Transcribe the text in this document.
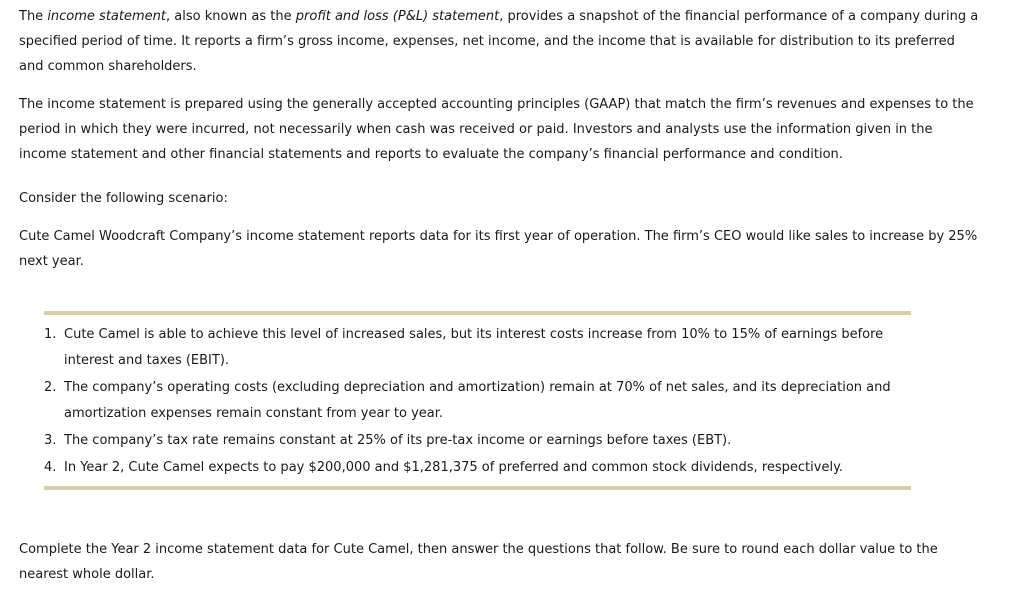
The income statement, also known as the profit and loss (P&L) statement, provides a snapshot of the financial performance of a company during a specified period of time. It reports a firm’s gross income, expenses, net income, and the income that is available for distribution to its preferred and common shareholders.

The income statement is prepared using the generally accepted accounting principles (GAAP) that match the firm’s revenues and expenses to the period in which they were incurred, not necessarily when cash was received or paid. Investors and analysts use the information given in the income statement and other financial statements and reports to evaluate the company’s financial performance and condition.

Consider the following scenario:

Cute Camel Woodcraft Company’s income statement reports data for its first year of operation. The firm’s CEO would like sales to increase by 25% next year.

1. Cute Camel is able to achieve this level of increased sales, but its interest costs increase from 10% to 15% of earnings before interest and taxes (EBIT).
2. The company’s operating costs (excluding depreciation and amortization) remain at 70% of net sales, and its depreciation and amortization expenses remain constant from year to year.
3. The company’s tax rate remains constant at 25% of its pre-tax income or earnings before taxes (EBT).
4. In Year 2, Cute Camel expects to pay $200,000 and $1,281,375 of preferred and common stock dividends, respectively.

Complete the Year 2 income statement data for Cute Camel, then answer the questions that follow. Be sure to round each dollar value to the nearest whole dollar.
